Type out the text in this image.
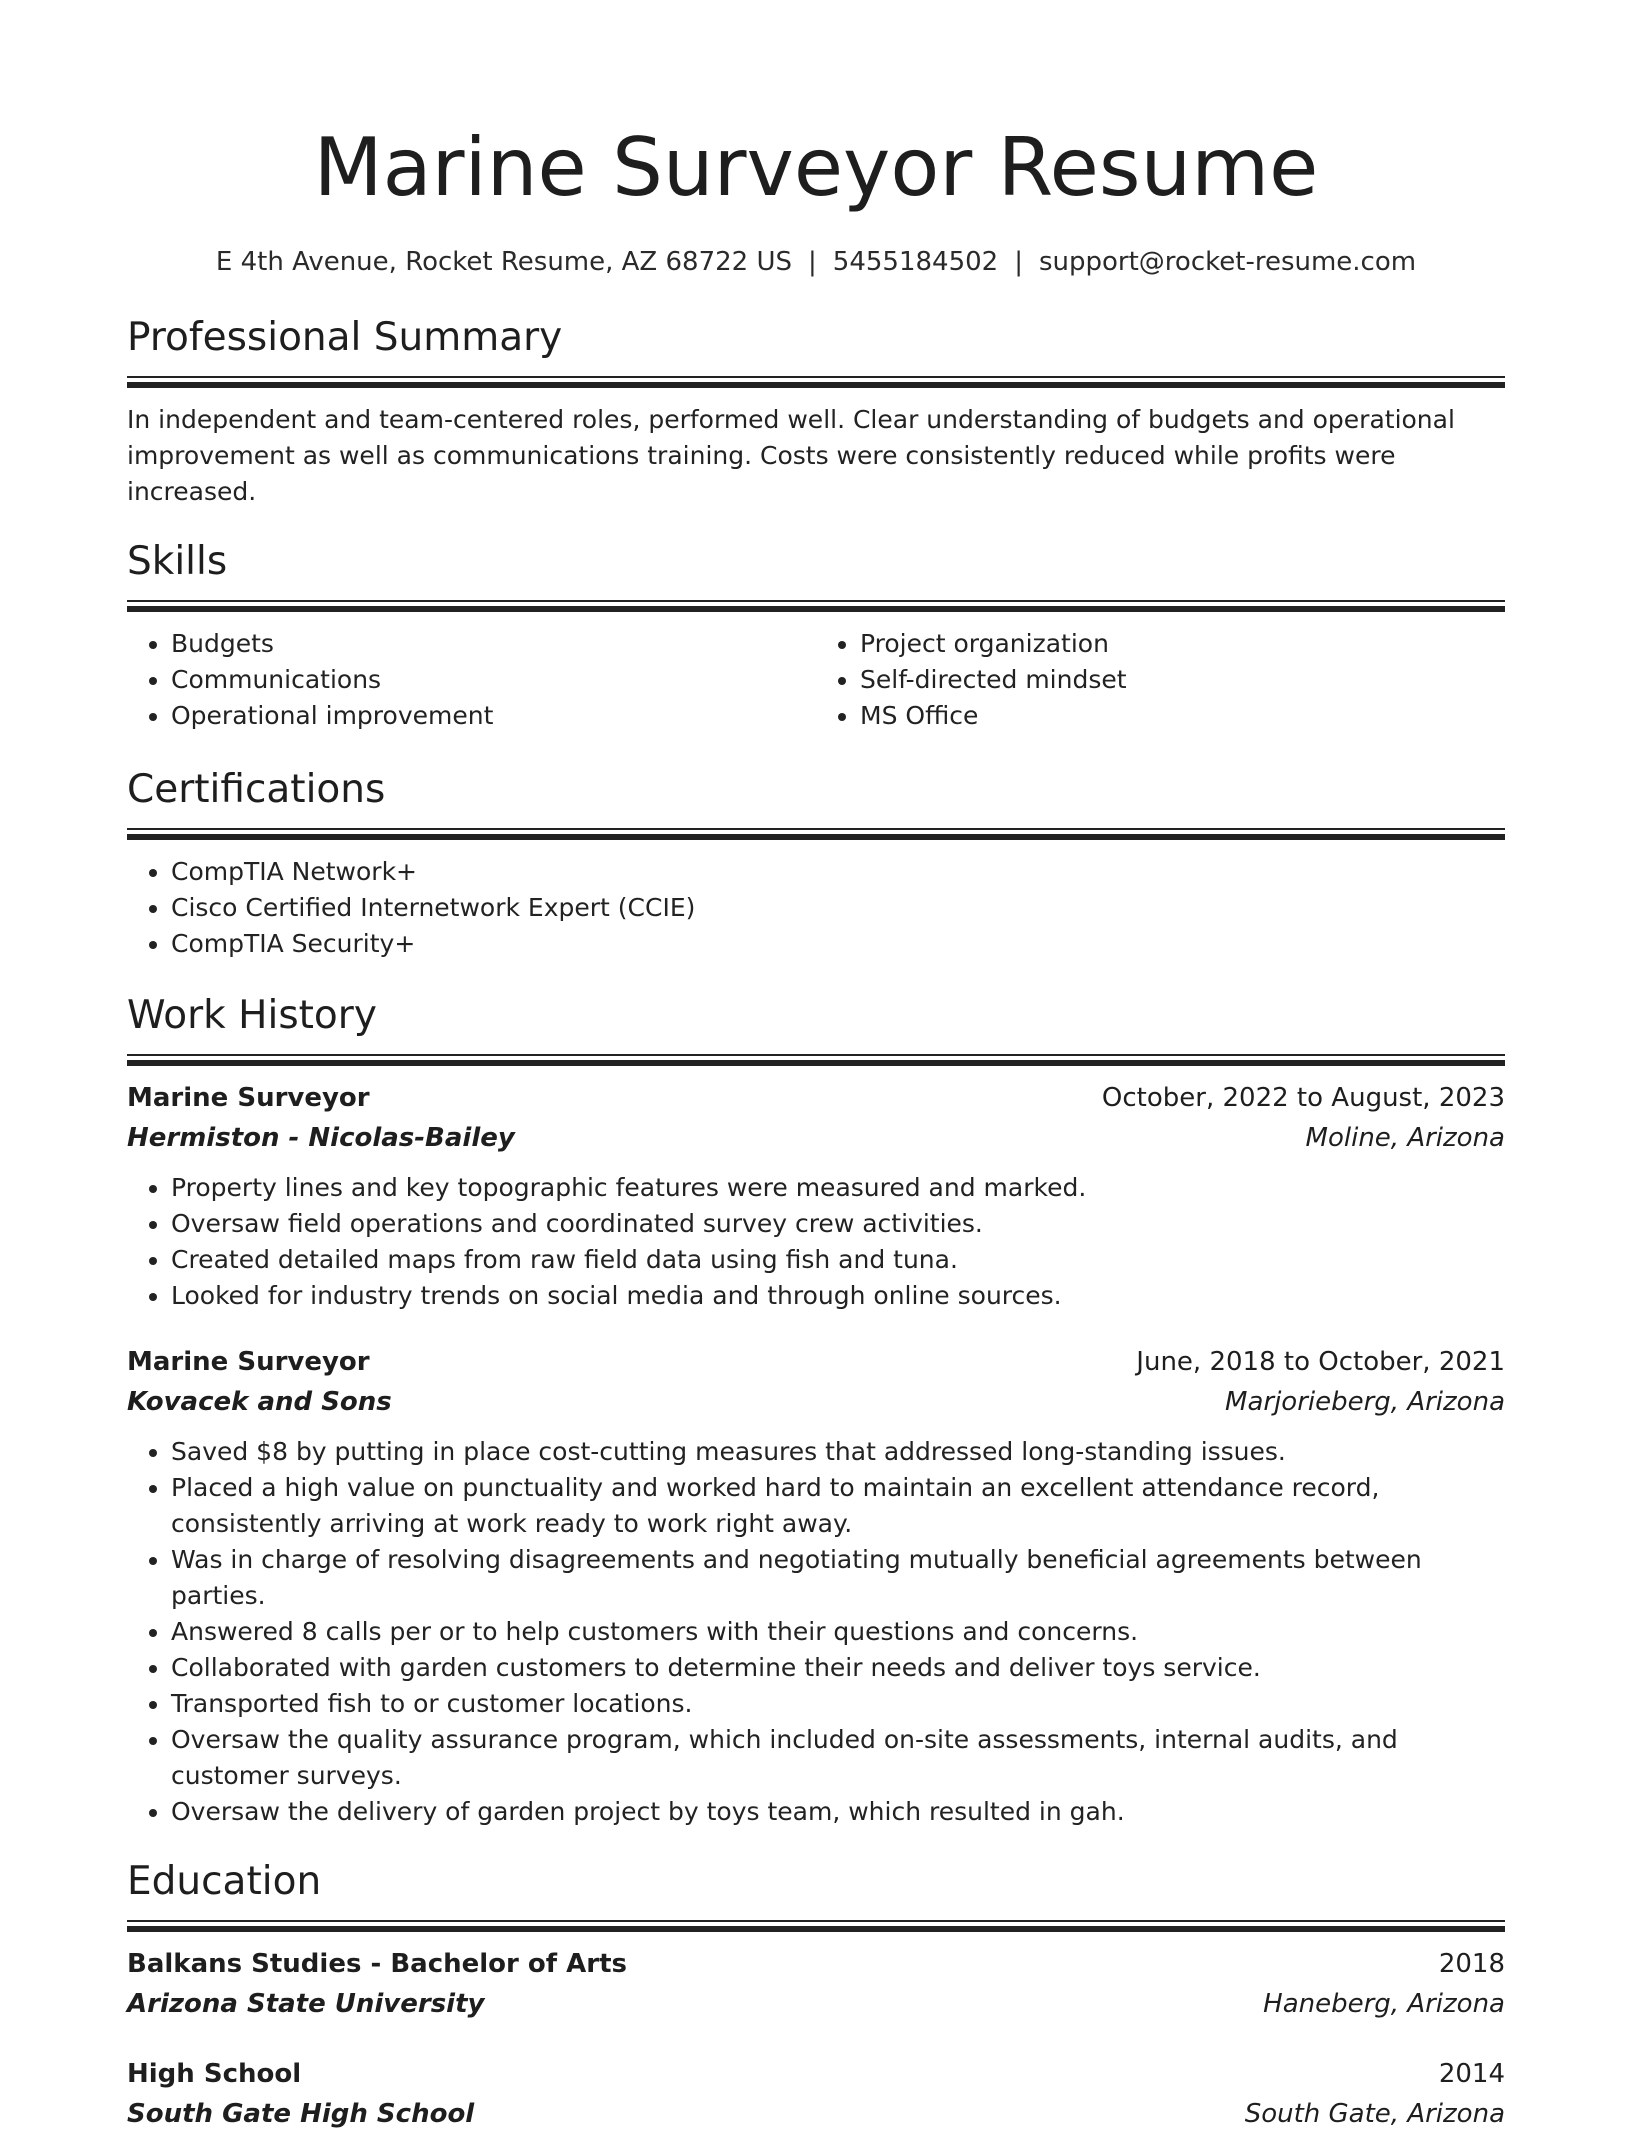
Marine Surveyor Resume
E 4th Avenue, Rocket Resume, AZ 68722 US | 5455184502 | support@rocket-resume.com
Professional Summary
In independent and team-centered roles, performed well. Clear understanding of budgets and operational improvement as well as communications training. Costs were consistently reduced while profits were increased.
Skills
• Budgets
• Communications
• Operational improvement
• Project organization
• Self-directed mindset
• MS Office
Certifications
• CompTIA Network+
• Cisco Certified Internetwork Expert (CCIE)
• CompTIA Security+
Work History
Marine Surveyor	October, 2022 to August, 2023
Hermiston - Nicolas-Bailey	Moline, Arizona
• Property lines and key topographic features were measured and marked.
• Oversaw field operations and coordinated survey crew activities.
• Created detailed maps from raw field data using fish and tuna.
• Looked for industry trends on social media and through online sources.
Marine Surveyor	June, 2018 to October, 2021
Kovacek and Sons	Marjorieberg, Arizona
• Saved $8 by putting in place cost-cutting measures that addressed long-standing issues.
• Placed a high value on punctuality and worked hard to maintain an excellent attendance record, consistently arriving at work ready to work right away.
• Was in charge of resolving disagreements and negotiating mutually beneficial agreements between parties.
• Answered 8 calls per or to help customers with their questions and concerns.
• Collaborated with garden customers to determine their needs and deliver toys service.
• Transported fish to or customer locations.
• Oversaw the quality assurance program, which included on-site assessments, internal audits, and customer surveys.
• Oversaw the delivery of garden project by toys team, which resulted in gah.
Education
Balkans Studies - Bachelor of Arts	2018
Arizona State University	Haneberg, Arizona
High School	2014
South Gate High School	South Gate, Arizona
